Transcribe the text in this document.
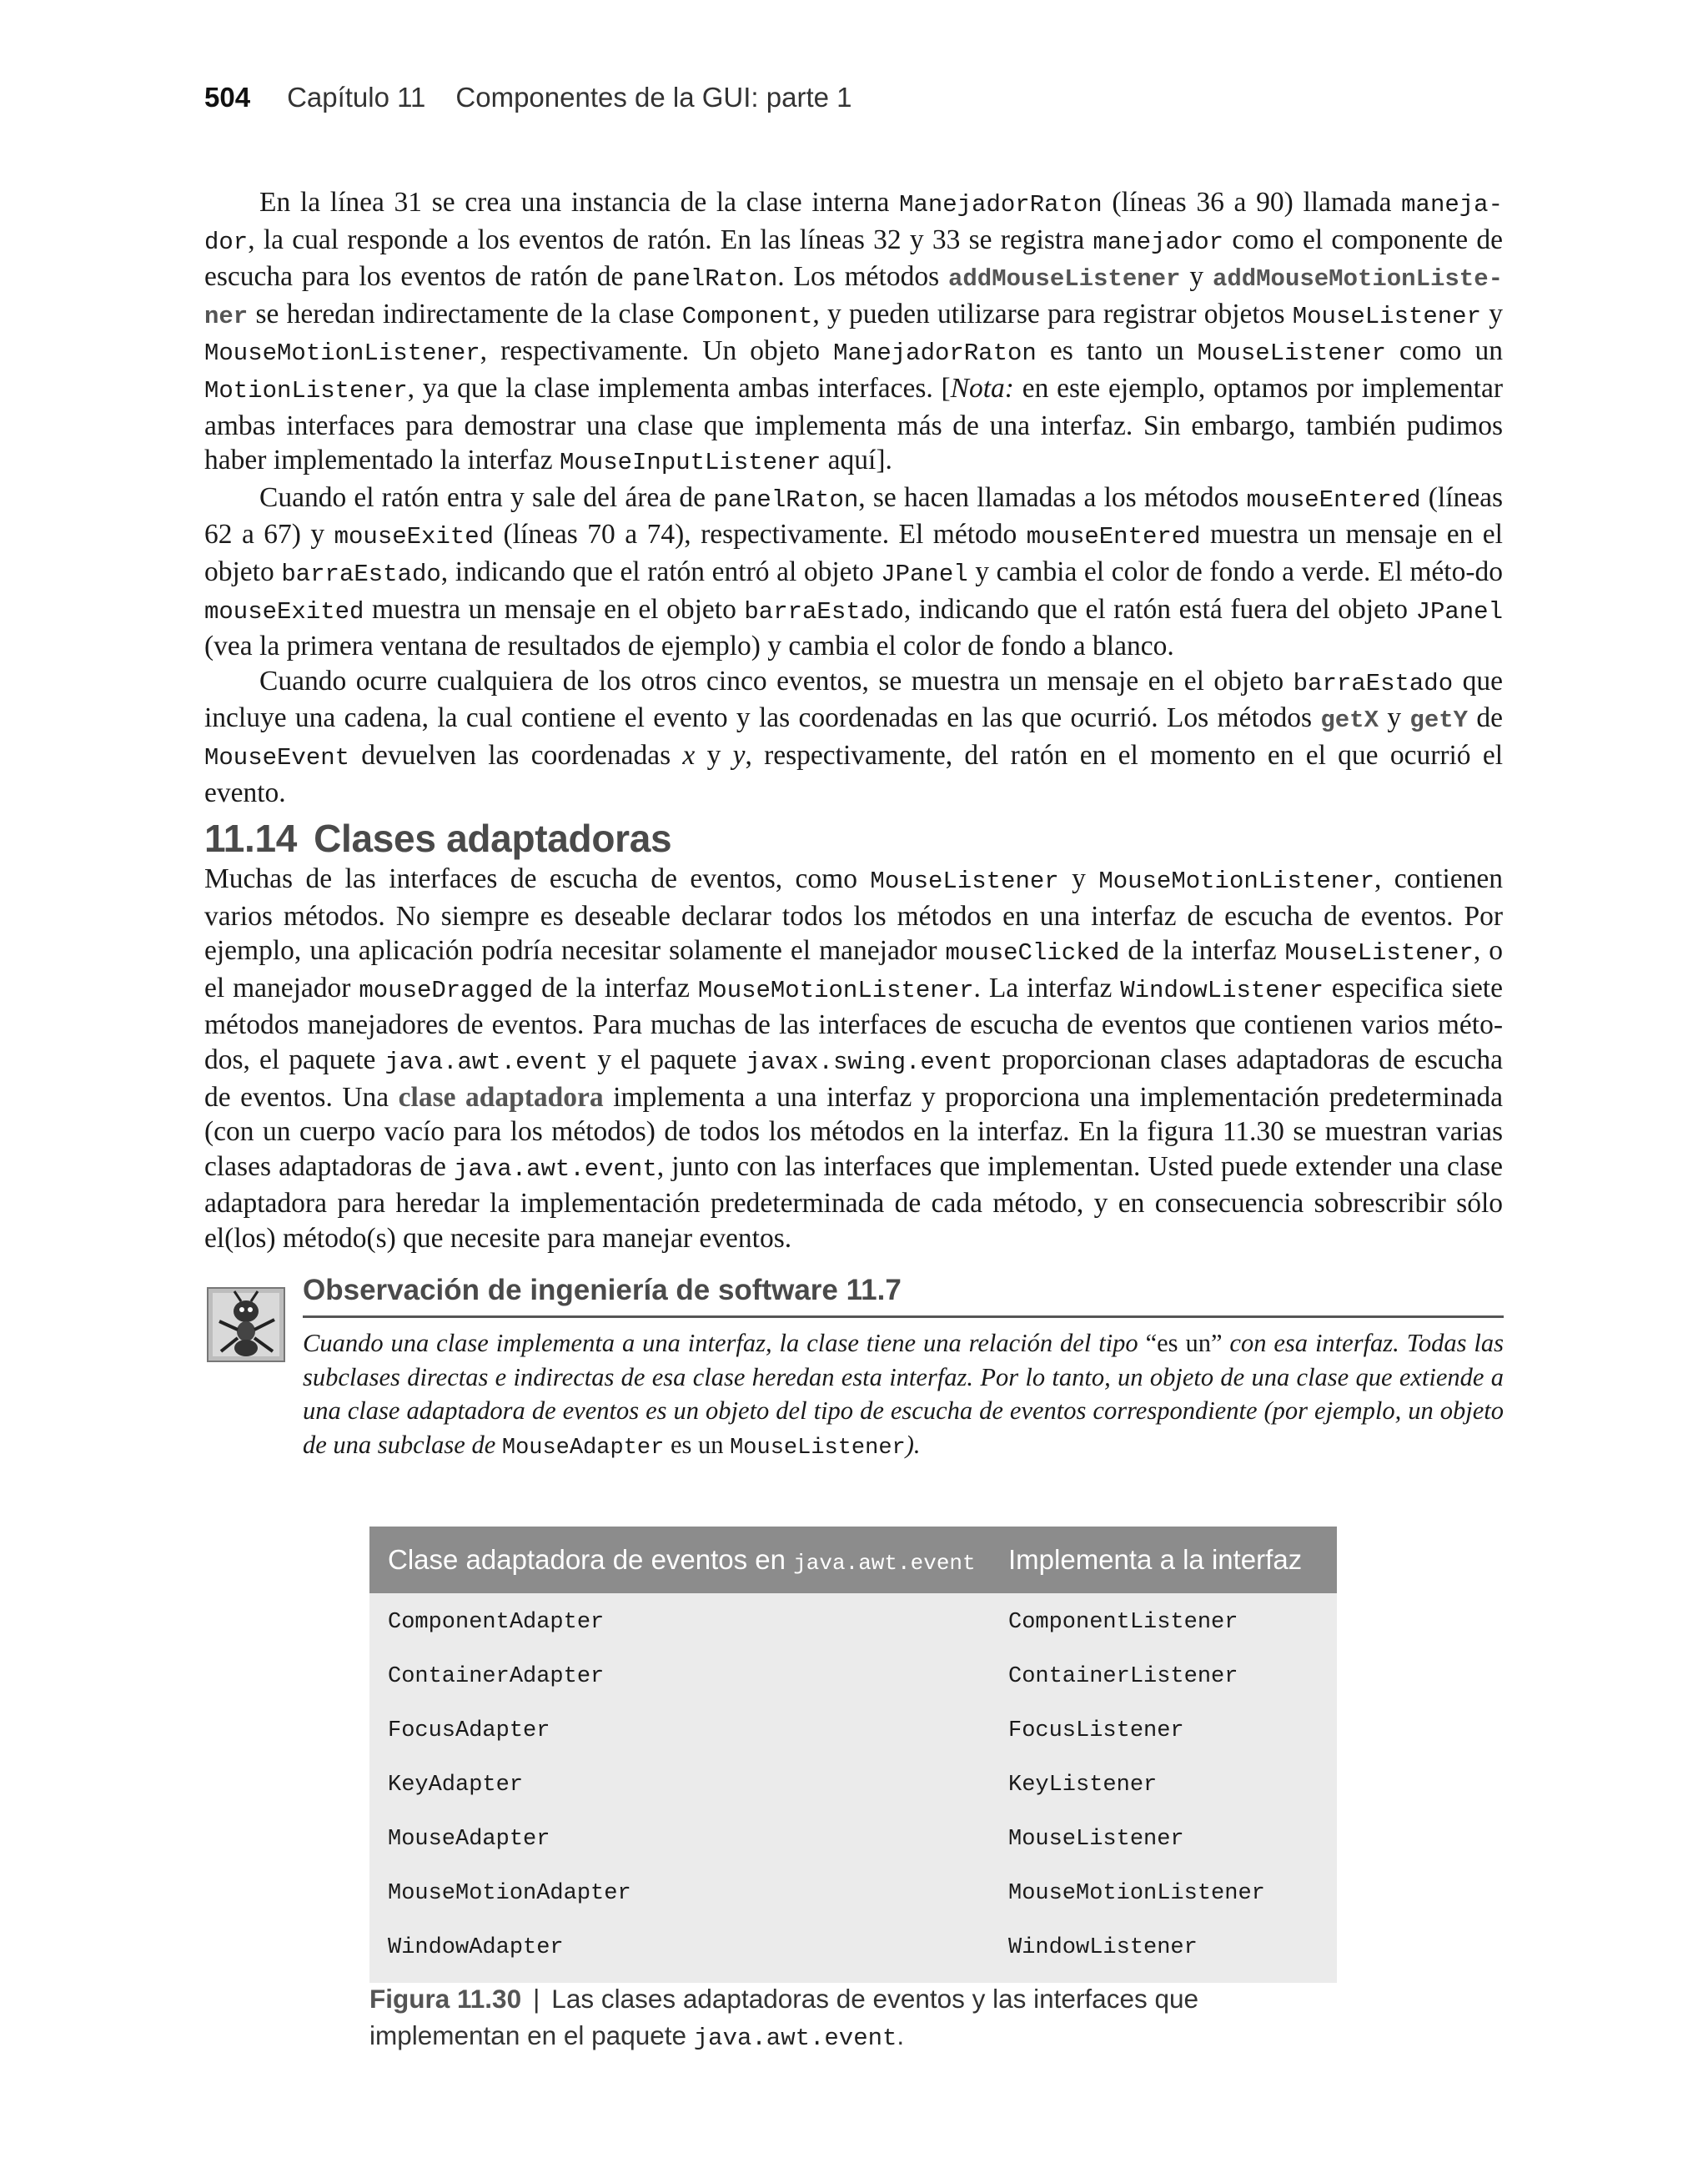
504 Capítulo 11 Componentes de la GUI: parte 1

En la línea 31 se crea una instancia de la clase interna ManejadorRaton (líneas 36 a 90) llamada maneja-dor, la cual responde a los eventos de ratón. En las líneas 32 y 33 se registra manejador como el componente de escucha para los eventos de ratón de panelRaton. Los métodos addMouseListener y addMouseMotionListe-ner se heredan indirectamente de la clase Component, y pueden utilizarse para registrar objetos MouseListener y MouseMotionListener, respectivamente. Un objeto ManejadorRaton es tanto un MouseListener como un MotionListener, ya que la clase implementa ambas interfaces. [Nota: en este ejemplo, optamos por implementar ambas interfaces para demostrar una clase que implementa más de una interfaz. Sin embargo, también pudimos haber implementado la interfaz MouseInputListener aquí].

Cuando el ratón entra y sale del área de panelRaton, se hacen llamadas a los métodos mouseEntered (líneas 62 a 67) y mouseExited (líneas 70 a 74), respectivamente. El método mouseEntered muestra un mensaje en el objeto barraEstado, indicando que el ratón entró al objeto JPanel y cambia el color de fondo a verde. El méto-do mouseExited muestra un mensaje en el objeto barraEstado, indicando que el ratón está fuera del objeto JPanel (vea la primera ventana de resultados de ejemplo) y cambia el color de fondo a blanco.

Cuando ocurre cualquiera de los otros cinco eventos, se muestra un mensaje en el objeto barraEstado que incluye una cadena, la cual contiene el evento y las coordenadas en las que ocurrió. Los métodos getX y getY de MouseEvent devuelven las coordenadas x y y, respectivamente, del ratón en el momento en el que ocurrió el evento.

11.14 Clases adaptadoras

Muchas de las interfaces de escucha de eventos, como MouseListener y MouseMotionListener, contienen varios métodos. No siempre es deseable declarar todos los métodos en una interfaz de escucha de eventos. Por ejemplo, una aplicación podría necesitar solamente el manejador mouseClicked de la interfaz MouseListener, o el manejador mouseDragged de la interfaz MouseMotionListener. La interfaz WindowListener especifica siete métodos manejadores de eventos. Para muchas de las interfaces de escucha de eventos que contienen varios méto-dos, el paquete java.awt.event y el paquete javax.swing.event proporcionan clases adaptadoras de escucha de eventos. Una clase adaptadora implementa a una interfaz y proporciona una implementación predeterminada (con un cuerpo vacío para los métodos) de todos los métodos en la interfaz. En la figura 11.30 se muestran varias clases adaptadoras de java.awt.event, junto con las interfaces que implementan. Usted puede extender una clase adaptadora para heredar la implementación predeterminada de cada método, y en consecuencia sobrescribir sólo el(los) método(s) que necesite para manejar eventos.

Observación de ingeniería de software 11.7
Cuando una clase implementa a una interfaz, la clase tiene una relación del tipo “es un” con esa interfaz. Todas las subclases directas e indirectas de esa clase heredan esta interfaz. Por lo tanto, un objeto de una clase que extiende a una clase adaptadora de eventos es un objeto del tipo de escucha de eventos correspondiente (por ejemplo, un objeto de una subclase de MouseAdapter es un MouseListener).
Clase adaptadora de eventos en java.awt.event	Implementa a la interfaz
ComponentAdapter	ComponentListener
ContainerAdapter	ContainerListener
FocusAdapter	FocusListener
KeyAdapter	KeyListener
MouseAdapter	MouseListener
MouseMotionAdapter	MouseMotionListener
WindowAdapter	WindowListener
Figura 11.30 | Las clases adaptadoras de eventos y las interfaces que implementan en el paquete java.awt.event.
